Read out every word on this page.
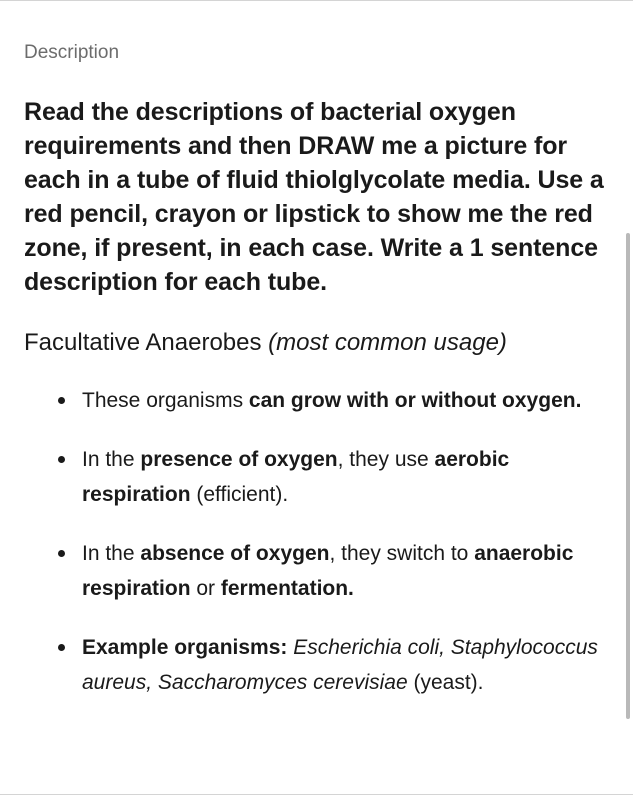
Description

Read the descriptions of bacterial oxygen requirements and then DRAW me a picture for each in a tube of fluid thiolglycolate media. Use a red pencil, crayon or lipstick to show me the red zone, if present, in each case. Write a 1 sentence description for each tube.

Facultative Anaerobes (most common usage)
These organisms can grow with or without oxygen.
In the presence of oxygen, they use aerobic respiration (efficient).
In the absence of oxygen, they switch to anaerobic respiration or fermentation.
Example organisms: Escherichia coli, Staphylococcus aureus, Saccharomyces cerevisiae (yeast).
